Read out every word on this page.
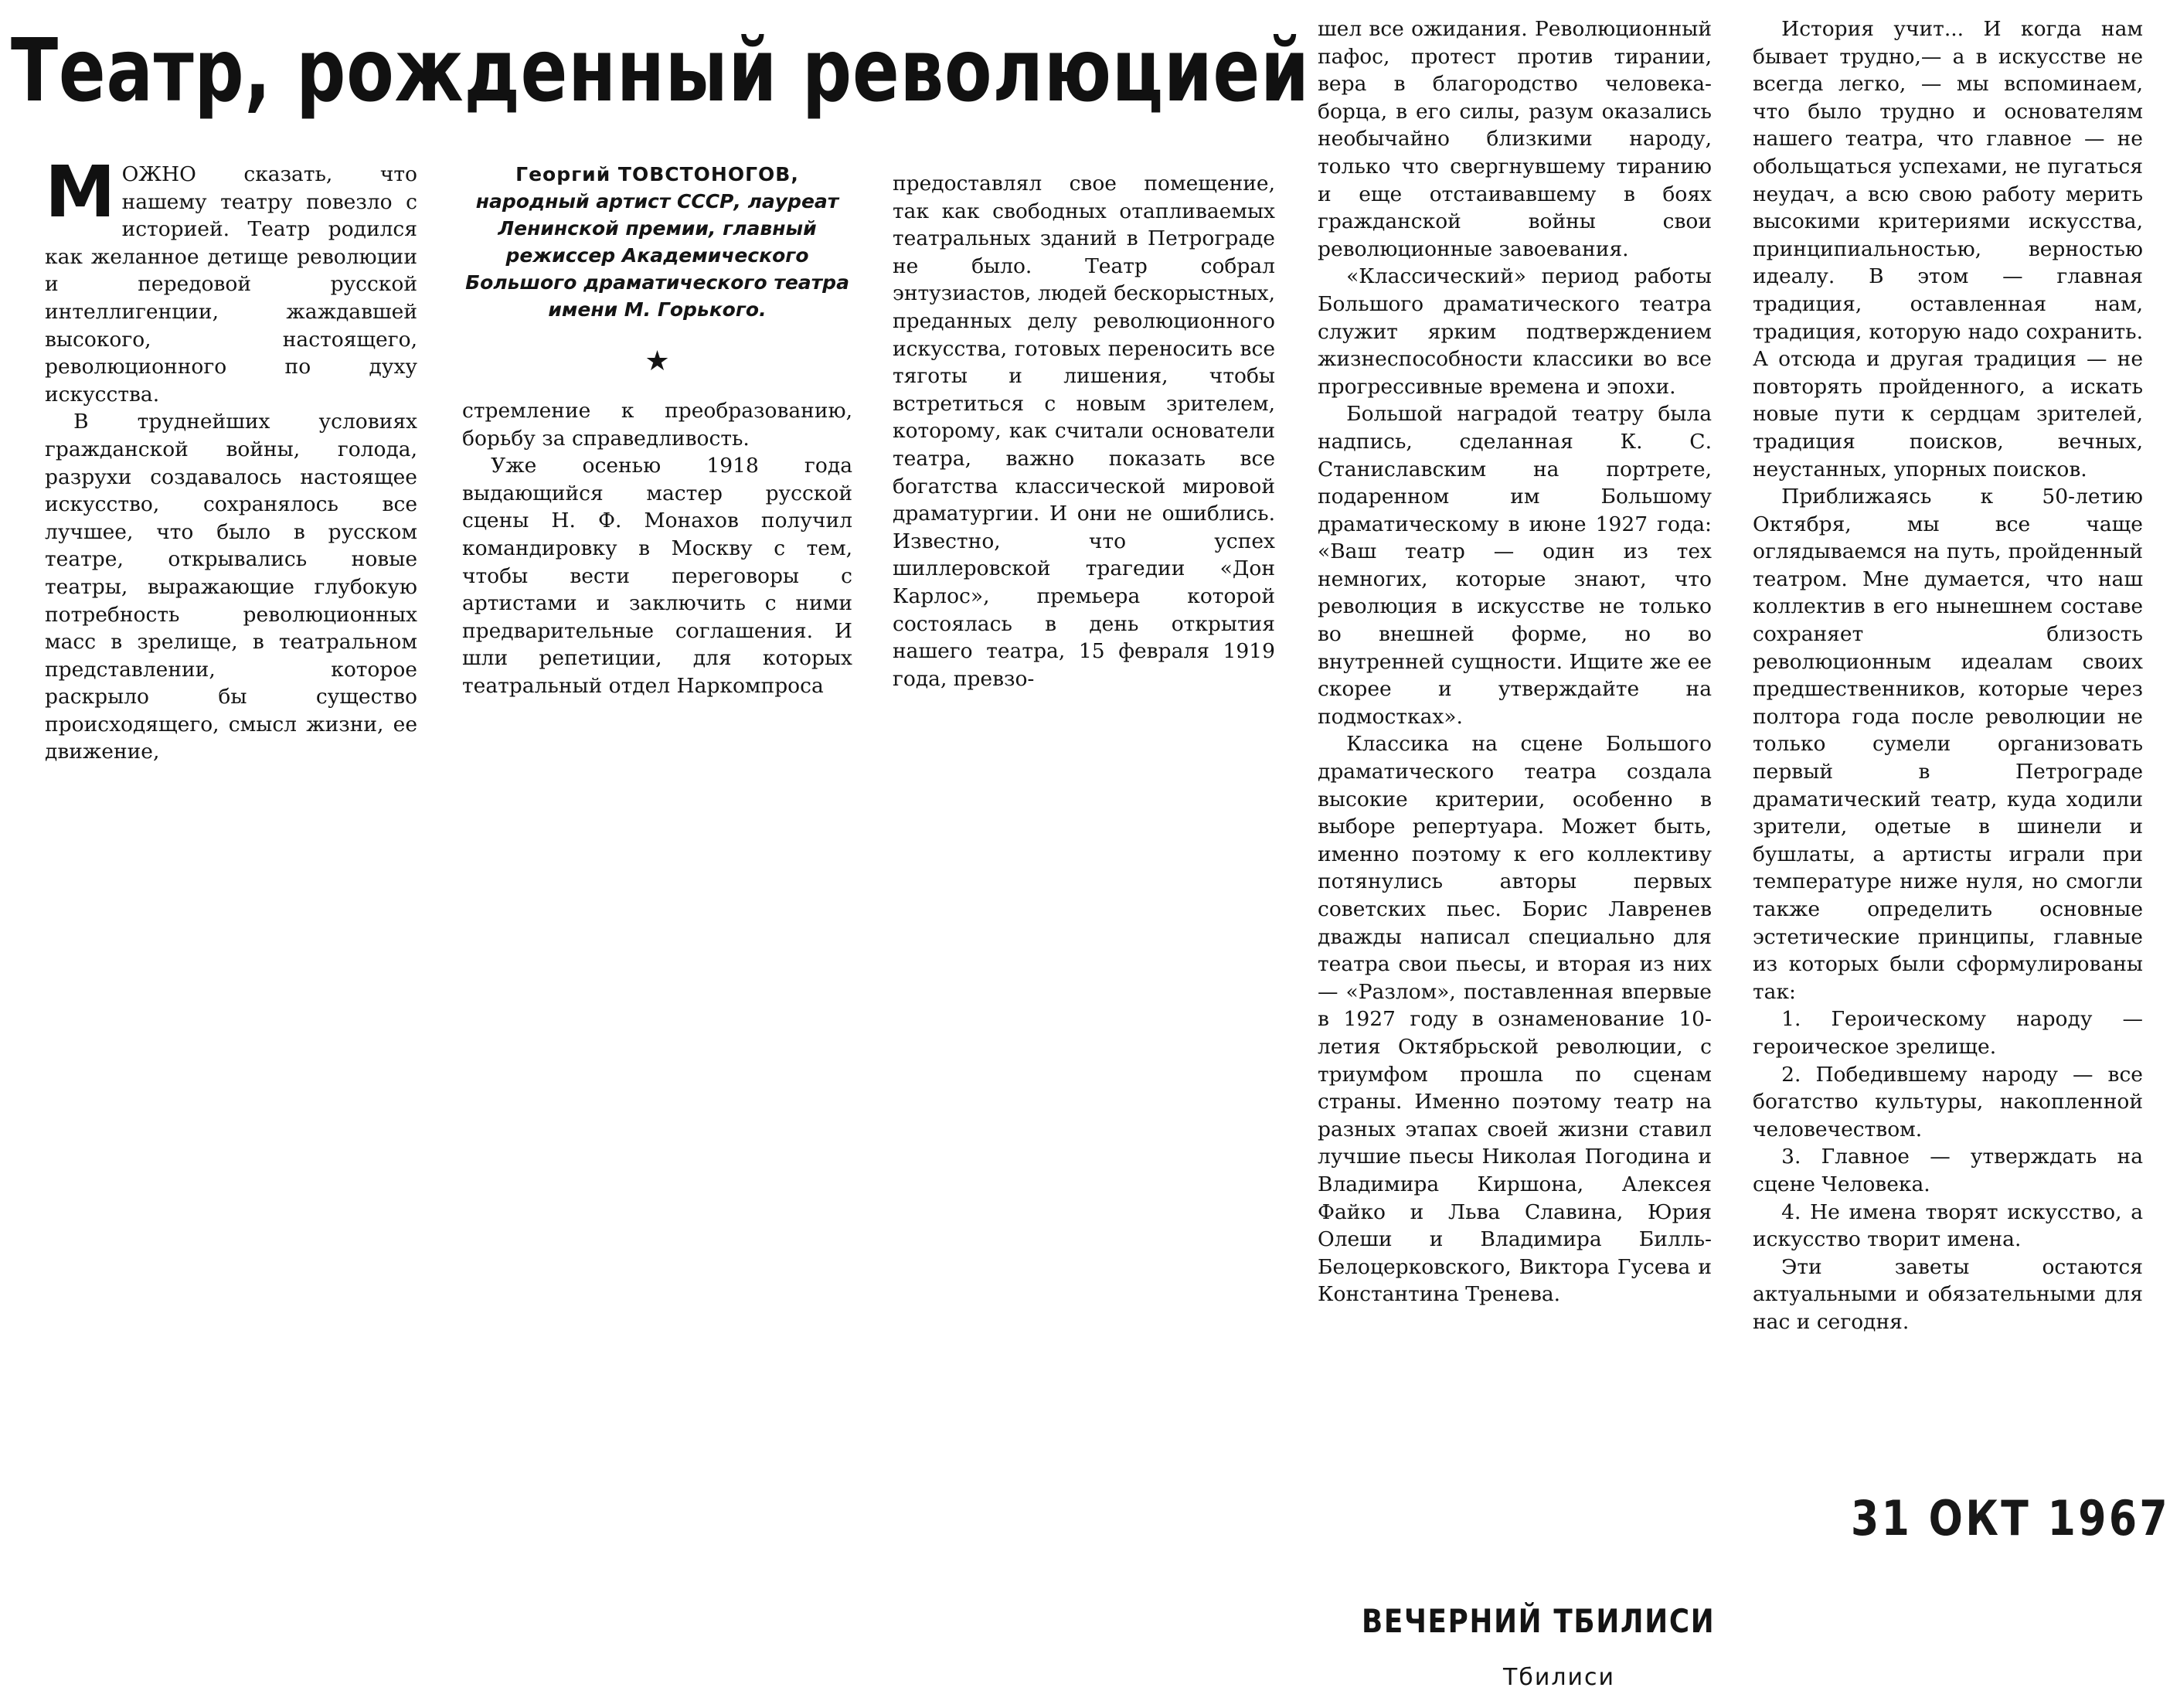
Театр, рожденный революцией

МОЖНО сказать, что нашему театру повезло с историей. Театр родился как желанное детище революции и передовой русской интеллигенции, жаждавшей высокого, настоящего, революционного по духу искусства.

В труднейших условиях гражданской войны, голода, разрухи создавалось настоящее искусство, сохранялось все лучшее, что было в русском театре, открывались новые театры, выражающие глубокую потребность революционных масс в зрелище, в театральном представлении, которое раскрыло бы существо происходящего, смысл жизни, ее движение,

Георгий ТОВСТОНОГОВ,
народный артист СССР, лауреат Ленинской премии, главный режиссер Академического Большого драматического театра имени М. Горького.
★

стремление к преобразованию, борьбу за справедливость.

Уже осенью 1918 года выдающийся мастер русской сцены Н. Ф. Монахов получил командировку в Москву с тем, чтобы вести переговоры с артистами и заключить с ними предварительные соглашения. И шли репетиции, для которых театральный отдел Наркомпроса

предоставлял свое помещение, так как свободных отапливаемых театральных зданий в Петрограде не было. Театр собрал энтузиастов, людей бескорыстных, преданных делу революционного искусства, готовых переносить все тяготы и лишения, чтобы встретиться с новым зрителем, которому, как считали основатели театра, важно показать все богатства классической мировой драматургии. И они не ошиблись. Известно, что успех шиллеровской трагедии «Дон Карлос», премьера которой состоялась в день открытия нашего театра, 15 февраля 1919 года, превзо-

шел все ожидания. Революционный пафос, протест против тирании, вера в благородство человека-борца, в его силы, разум оказались необычайно близкими народу, только что свергнувшему тиранию и еще отстаивавшему в боях гражданской войны свои революционные завоевания.

«Классический» период работы Большого драматического театра служит ярким подтверждением жизнеспособности классики во все прогрессивные времена и эпохи.

Большой наградой театру была надпись, сделанная К. С. Станиславским на портрете, подаренном им Большому драматическому в июне 1927 года: «Ваш театр — один из тех немногих, которые знают, что революция в искусстве не только во внешней форме, но во внутренней сущности. Ищите же ее скорее и утверждайте на подмостках».

Классика на сцене Большого драматического театра создала высокие критерии, особенно в выборе репертуара. Может быть, именно поэтому к его коллективу потянулись авторы первых советских пьес. Борис Лавренев дважды написал специально для театра свои пьесы, и вторая из них — «Разлом», поставленная впервые в 1927 году в ознаменование 10-летия Октябрьской революции, с триумфом прошла по сценам страны. Именно поэтому театр на разных этапах своей жизни ставил лучшие пьесы Николая Погодина и Владимира Киршона, Алексея Файко и Льва Славина, Юрия Олеши и Владимира Билль-Белоцерковского, Виктора Гусева и Константина Тренева.

История учит... И когда нам бывает трудно,— а в искусстве не всегда легко, — мы вспоминаем, что было трудно и основателям нашего театра, что главное — не обольщаться успехами, не пугаться неудач, а всю свою работу мерить высокими критериями искусства, принципиальностью, верностью идеалу. В этом — главная традиция, оставленная нам, традиция, которую надо сохранить. А отсюда и другая традиция — не повторять пройденного, а искать новые пути к сердцам зрителей, традиция поисков, вечных, неустанных, упорных поисков.

Приближаясь к 50-летию Октября, мы все чаще оглядываемся на путь, пройденный театром. Мне думается, что наш коллектив в его нынешнем составе сохраняет близость революционным идеалам своих предшественников, которые через полтора года после революции не только сумели организовать первый в Петрограде драматический театр, куда ходили зрители, одетые в шинели и бушлаты, а артисты играли при температуре ниже нуля, но смогли также определить основные эстетические принципы, главные из которых были сформулированы так:

1. Героическому народу — героическое зрелище.

2. Победившему народу — все богатство культуры, накопленной человечеством.

3. Главное — утверждать на сцене Человека.

4. Не имена творят искусство, а искусство творит имена.

Эти заветы остаются актуальными и обязательными для нас и сегодня.

31 ОКТ 1967
ВЕЧЕРНИЙ ТБИЛИСИ
Тбилиси
